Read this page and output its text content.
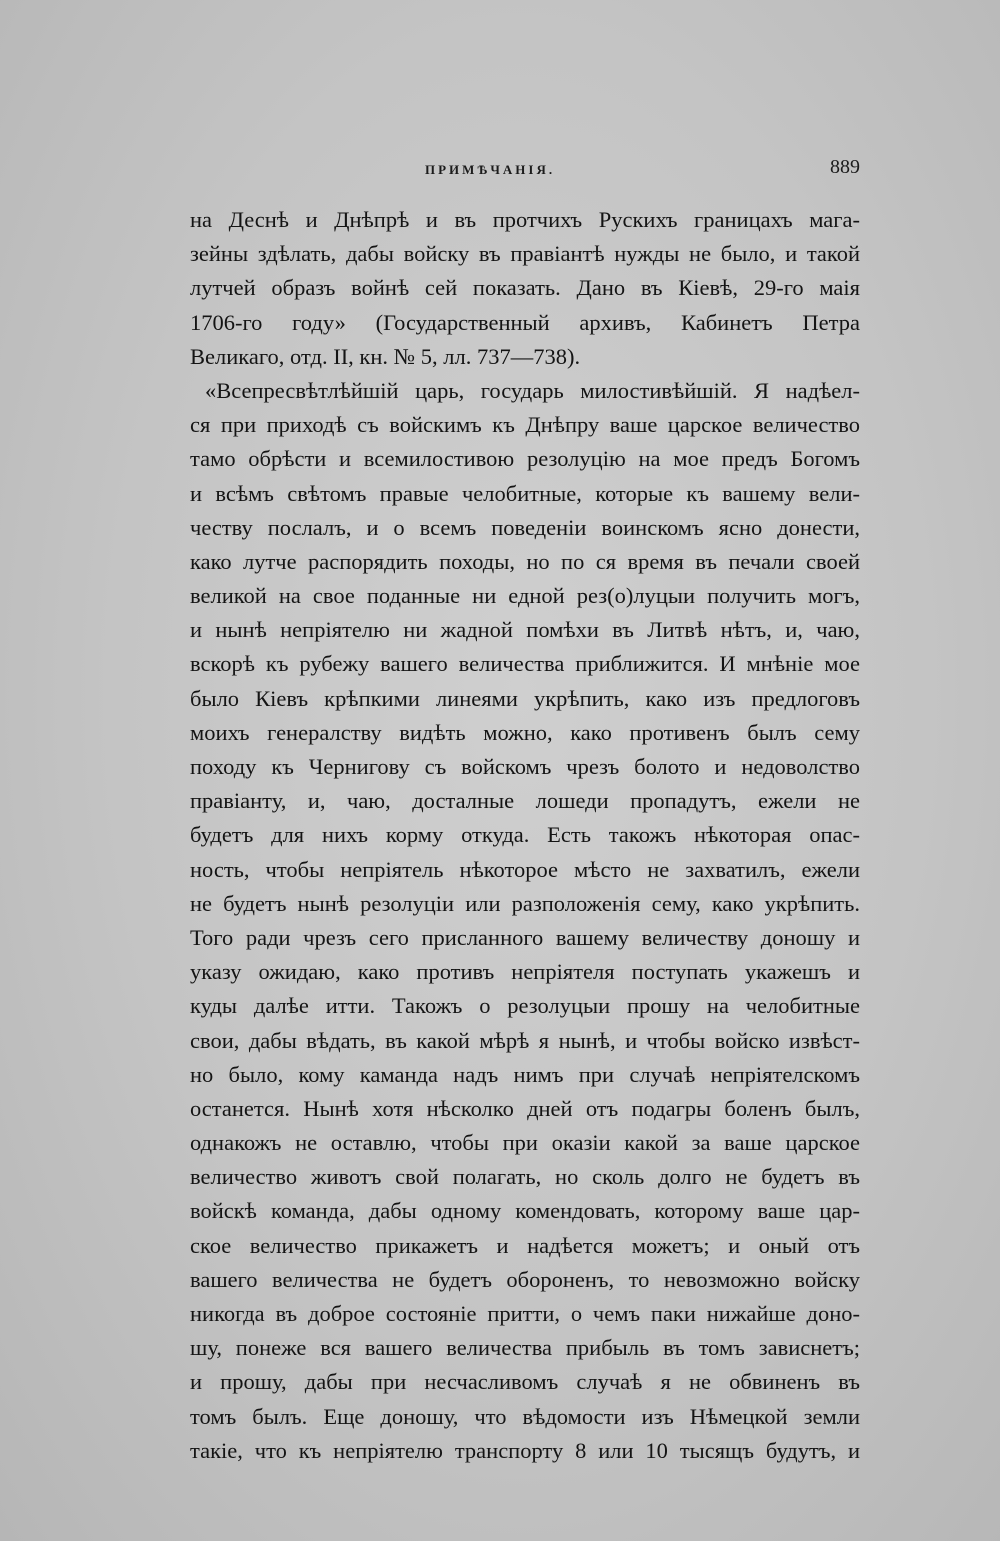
ПРИМѢЧАНІЯ.	889
на Деснѣ и Днѣпрѣ и въ протчихъ Рускихъ границахъ мага-
зейны здѣлать, дабы войску въ правіантѣ нужды не было, и такой
лутчей образъ войнѣ сей показать. Дано въ Кіевѣ, 29-го маія
1706-го году» (Государственный архивъ, Кабинетъ Петра
Великаго, отд. II, кн. № 5, лл. 737—738).
«Всепресвѣтлѣйшій царь, государь милостивѣйшій. Я надѣел-
ся при приходѣ съ войскимъ къ Днѣпру ваше царское величество
тамо обрѣсти и всемилостивою резолуцію на мое предъ Богомъ
и всѣмъ свѣтомъ правые челобитные, которые къ вашему вели-
честву послалъ, и о всемъ поведеніи воинскомъ ясно донести,
како лутче распорядить походы, но по ся время въ печали своей
великой на свое поданные ни едной рез(о)луцыи получить могъ,
и нынѣ непріятелю ни жадной помѣхи въ Литвѣ нѣтъ, и, чаю,
вскорѣ къ рубежу вашего величества приближится. И мнѣніе мое
было Кіевъ крѣпкими линеями укрѣпить, како изъ предлоговъ
моихъ генералству видѣть можно, како противенъ былъ сему
походу къ Чернигову съ войскомъ чрезъ болото и недоволство
правіанту, и, чаю, досталные лошеди пропадутъ, ежели не
будетъ для нихъ корму откуда. Есть такожъ нѣкоторая опас-
ность, чтобы непріятель нѣкоторое мѣсто не захватилъ, ежели
не будетъ нынѣ резолуціи или разположенія сему, како укрѣпить.
Того ради чрезъ сего присланного вашему величеству доношу и
указу ожидаю, како противъ непріятеля поступать укажешъ и
куды далѣе итти. Такожъ о резолуцыи прошу на челобитные
свои, дабы вѣдать, въ какой мѣрѣ я нынѣ, и чтобы войско извѣст-
но было, кому каманда надъ нимъ при случаѣ непріятелскомъ
останется. Нынѣ хотя нѣсколко дней отъ подагры боленъ былъ,
однакожъ не оставлю, чтобы при оказіи какой за ваше царское
величество животъ свой полагать, но сколь долго не будетъ въ
войскѣ команда, дабы одному комендовать, которому ваше цар-
ское величество прикажетъ и надѣется можетъ; и оный отъ
вашего величества не будетъ обороненъ, то невозможно войску
никогда въ доброе состояніе притти, о чемъ паки нижайше доно-
шу, понеже вся вашего величества прибыль въ томъ зависнетъ;
и прошу, дабы при несчасливомъ случаѣ я не обвиненъ въ
томъ былъ. Еще доношу, что вѣдомости изъ Нѣмецкой земли
такіе, что къ непріятелю транспорту 8 или 10 тысящъ будутъ, и
